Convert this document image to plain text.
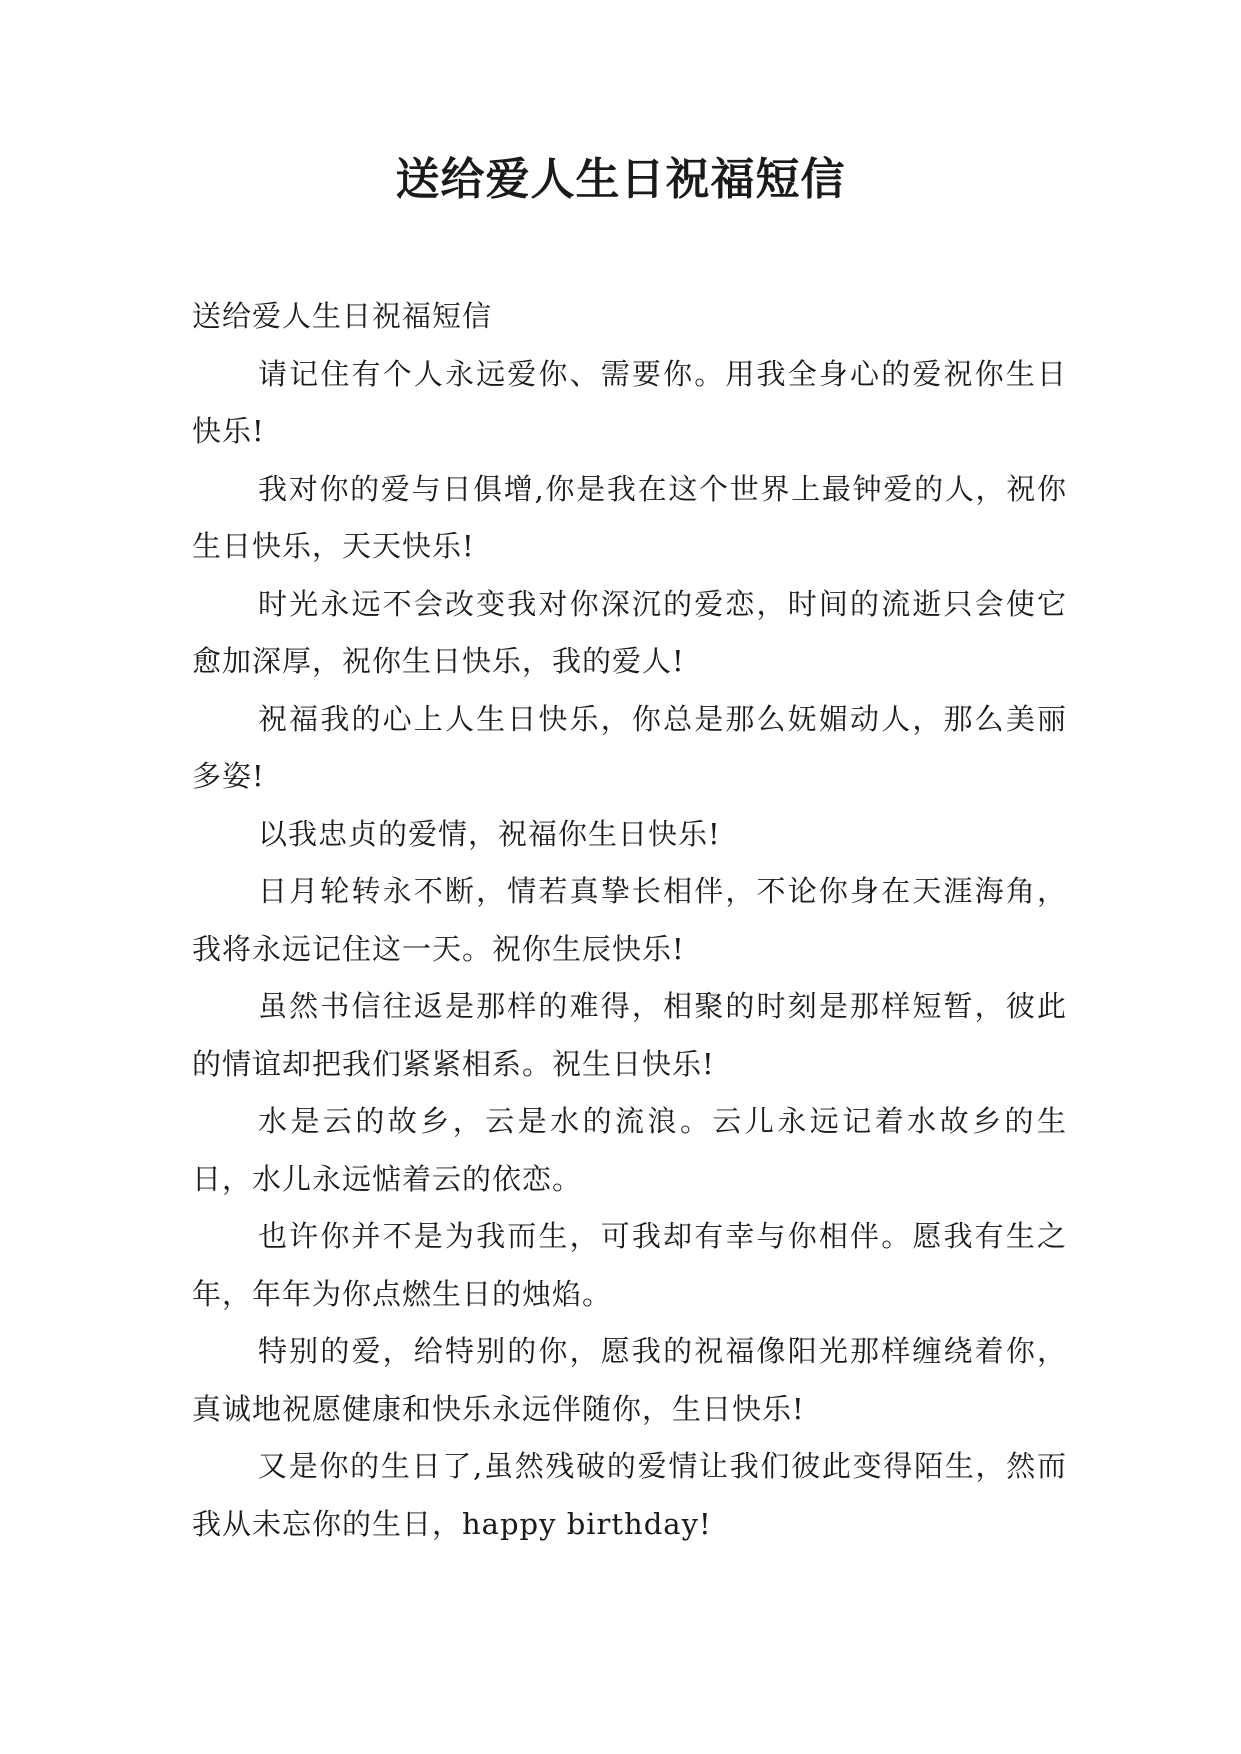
送给爱人生日祝福短信

送给爱人生日祝福短信

请记住有个人永远爱你、需要你。用我全身心的爱祝你生日快乐!

我对你的爱与日俱增,你是我在这个世界上最钟爱的人，祝你生日快乐，天天快乐!

时光永远不会改变我对你深沉的爱恋，时间的流逝只会使它愈加深厚，祝你生日快乐，我的爱人!

祝福我的心上人生日快乐，你总是那么妩媚动人，那么美丽多姿!

以我忠贞的爱情，祝福你生日快乐!

日月轮转永不断，情若真挚长相伴，不论你身在天涯海角，我将永远记住这一天。祝你生辰快乐!

虽然书信往返是那样的难得，相聚的时刻是那样短暂，彼此的情谊却把我们紧紧相系。祝生日快乐!

水是云的故乡，云是水的流浪。云儿永远记着水故乡的生日，水儿永远惦着云的依恋。

也许你并不是为我而生，可我却有幸与你相伴。愿我有生之年，年年为你点燃生日的烛焰。

特别的爱，给特别的你，愿我的祝福像阳光那样缠绕着你，真诚地祝愿健康和快乐永远伴随你，生日快乐!

又是你的生日了,虽然残破的爱情让我们彼此变得陌生，然而我从未忘你的生日，happy birthday!
